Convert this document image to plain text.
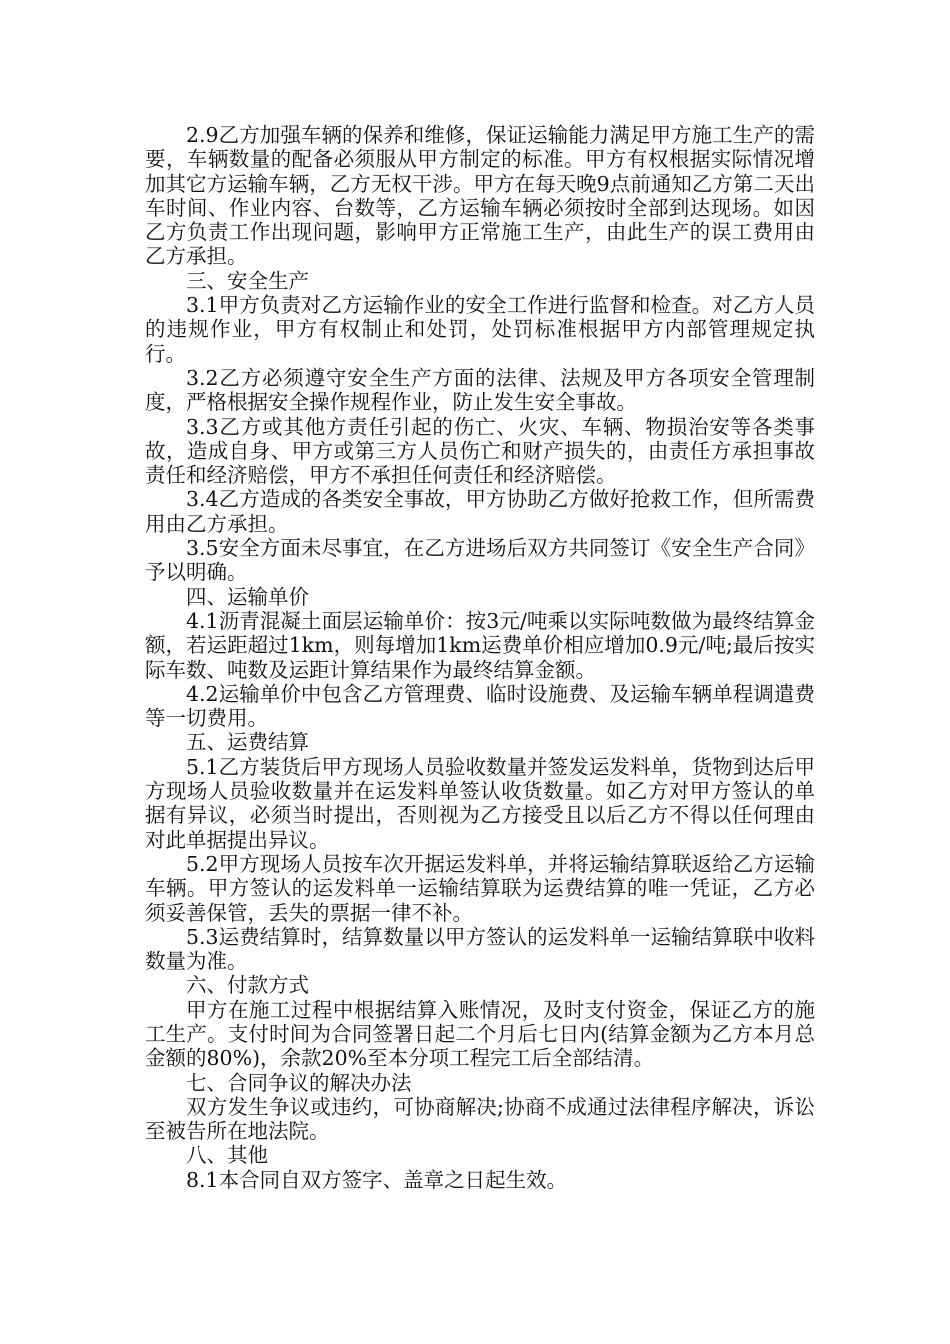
2.9乙方加强车辆的保养和维修，保证运输能力满足甲方施工生产的需要，车辆数量的配备必须服从甲方制定的标准。甲方有权根据实际情况增加其它方运输车辆，乙方无权干涉。甲方在每天晚9点前通知乙方第二天出车时间、作业内容、台数等，乙方运输车辆必须按时全部到达现场。如因乙方负责工作出现问题，影响甲方正常施工生产，由此生产的误工费用由乙方承担。

三、安全生产

3.1甲方负责对乙方运输作业的安全工作进行监督和检查。对乙方人员的违规作业，甲方有权制止和处罚，处罚标准根据甲方内部管理规定执行。

3.2乙方必须遵守安全生产方面的法律、法规及甲方各项安全管理制度，严格根据安全操作规程作业，防止发生安全事故。

3.3乙方或其他方责任引起的伤亡、火灾、车辆、物损治安等各类事故，造成自身、甲方或第三方人员伤亡和财产损失的，由责任方承担事故责任和经济赔偿，甲方不承担任何责任和经济赔偿。

3.4乙方造成的各类安全事故，甲方协助乙方做好抢救工作，但所需费用由乙方承担。

3.5安全方面未尽事宜，在乙方进场后双方共同签订《安全生产合同》予以明确。

四、运输单价

4.1沥青混凝土面层运输单价：按3元/吨乘以实际吨数做为最终结算金额，若运距超过1km，则每增加1km运费单价相应增加0.9元/吨;最后按实际车数、吨数及运距计算结果作为最终结算金额。

4.2运输单价中包含乙方管理费、临时设施费、及运输车辆单程调遣费等一切费用。

五、运费结算

5.1乙方装货后甲方现场人员验收数量并签发运发料单，货物到达后甲方现场人员验收数量并在运发料单签认收货数量。如乙方对甲方签认的单据有异议，必须当时提出，否则视为乙方接受且以后乙方不得以任何理由对此单据提出异议。

5.2甲方现场人员按车次开据运发料单，并将运输结算联返给乙方运输车辆。甲方签认的运发料单一运输结算联为运费结算的唯一凭证，乙方必须妥善保管，丢失的票据一律不补。

5.3运费结算时，结算数量以甲方签认的运发料单一运输结算联中收料数量为准。

六、付款方式

甲方在施工过程中根据结算入账情况，及时支付资金，保证乙方的施工生产。支付时间为合同签署日起二个月后七日内(结算金额为乙方本月总金额的80%)，余款20%至本分项工程完工后全部结清。

七、合同争议的解决办法

双方发生争议或违约，可协商解决;协商不成通过法律程序解决，诉讼至被告所在地法院。

八、其他

8.1本合同自双方签字、盖章之日起生效。
